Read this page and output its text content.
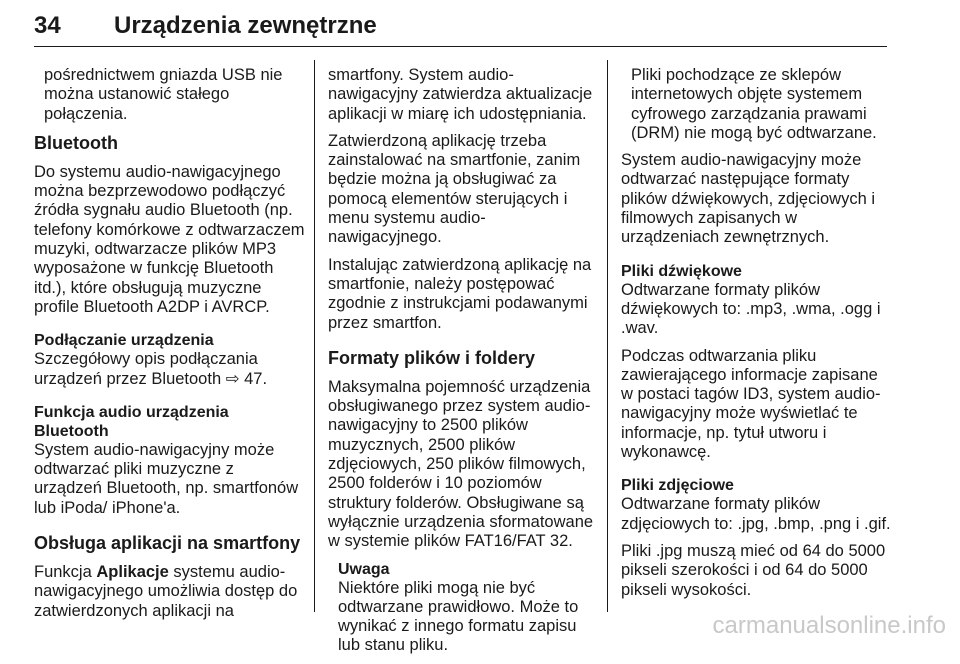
34 Urządzenia zewnętrzne

pośrednictwem gniazda USB nie można ustanowić stałego połączenia.

Bluetooth

Do systemu audio-nawigacyjnego można bezprzewodowo podłączyć źródła sygnału audio Bluetooth (np. telefony komórkowe z odtwarzaczem muzyki, odtwarzacze plików MP3 wyposażone w funkcję Bluetooth itd.), które obsługują muzyczne profile Bluetooth A2DP i AVRCP.

Podłączanie urządzenia

Szczegółowy opis podłączania urządzeń przez Bluetooth ⇨ 47.

Funkcja audio urządzenia Bluetooth

System audio-nawigacyjny może odtwarzać pliki muzyczne z urządzeń Bluetooth, np. smartfonów lub iPoda/ iPhone'a.

Obsługa aplikacji na smartfony

Funkcja Aplikacje systemu audio-nawigacyjnego umożliwia dostęp do zatwierdzonych aplikacji na

smartfony. System audio-nawigacyjny zatwierdza aktualizacje aplikacji w miarę ich udostępniania.

Zatwierdzoną aplikację trzeba zainstalować na smartfonie, zanim będzie można ją obsługiwać za pomocą elementów sterujących i menu systemu audio-nawigacyjnego.

Instalując zatwierdzoną aplikację na smartfonie, należy postępować zgodnie z instrukcjami podawanymi przez smartfon.

Formaty plików i foldery

Maksymalna pojemność urządzenia obsługiwanego przez system audio-nawigacyjny to 2500 plików muzycznych, 2500 plików zdjęciowych, 250 plików filmowych, 2500 folderów i 10 poziomów struktury folderów. Obsługiwane są wyłącznie urządzenia sformatowane w systemie plików FAT16/FAT 32.

Uwaga

Niektóre pliki mogą nie być odtwarzane prawidłowo. Może to wynikać z innego formatu zapisu lub stanu pliku.

Pliki pochodzące ze sklepów internetowych objęte systemem cyfrowego zarządzania prawami (DRM) nie mogą być odtwarzane.

System audio-nawigacyjny może odtwarzać następujące formaty plików dźwiękowych, zdjęciowych i filmowych zapisanych w urządzeniach zewnętrznych.

Pliki dźwiękowe

Odtwarzane formaty plików dźwiękowych to: .mp3, .wma, .ogg i .wav.

Podczas odtwarzania pliku zawierającego informacje zapisane w postaci tagów ID3, system audio-nawigacyjny może wyświetlać te informacje, np. tytuł utworu i wykonawcę.

Pliki zdjęciowe

Odtwarzane formaty plików zdjęciowych to: .jpg, .bmp, .png i .gif.

Pliki .jpg muszą mieć od 64 do 5000 pikseli szerokości i od 64 do 5000 pikseli wysokości.

carmanualsonline.info
